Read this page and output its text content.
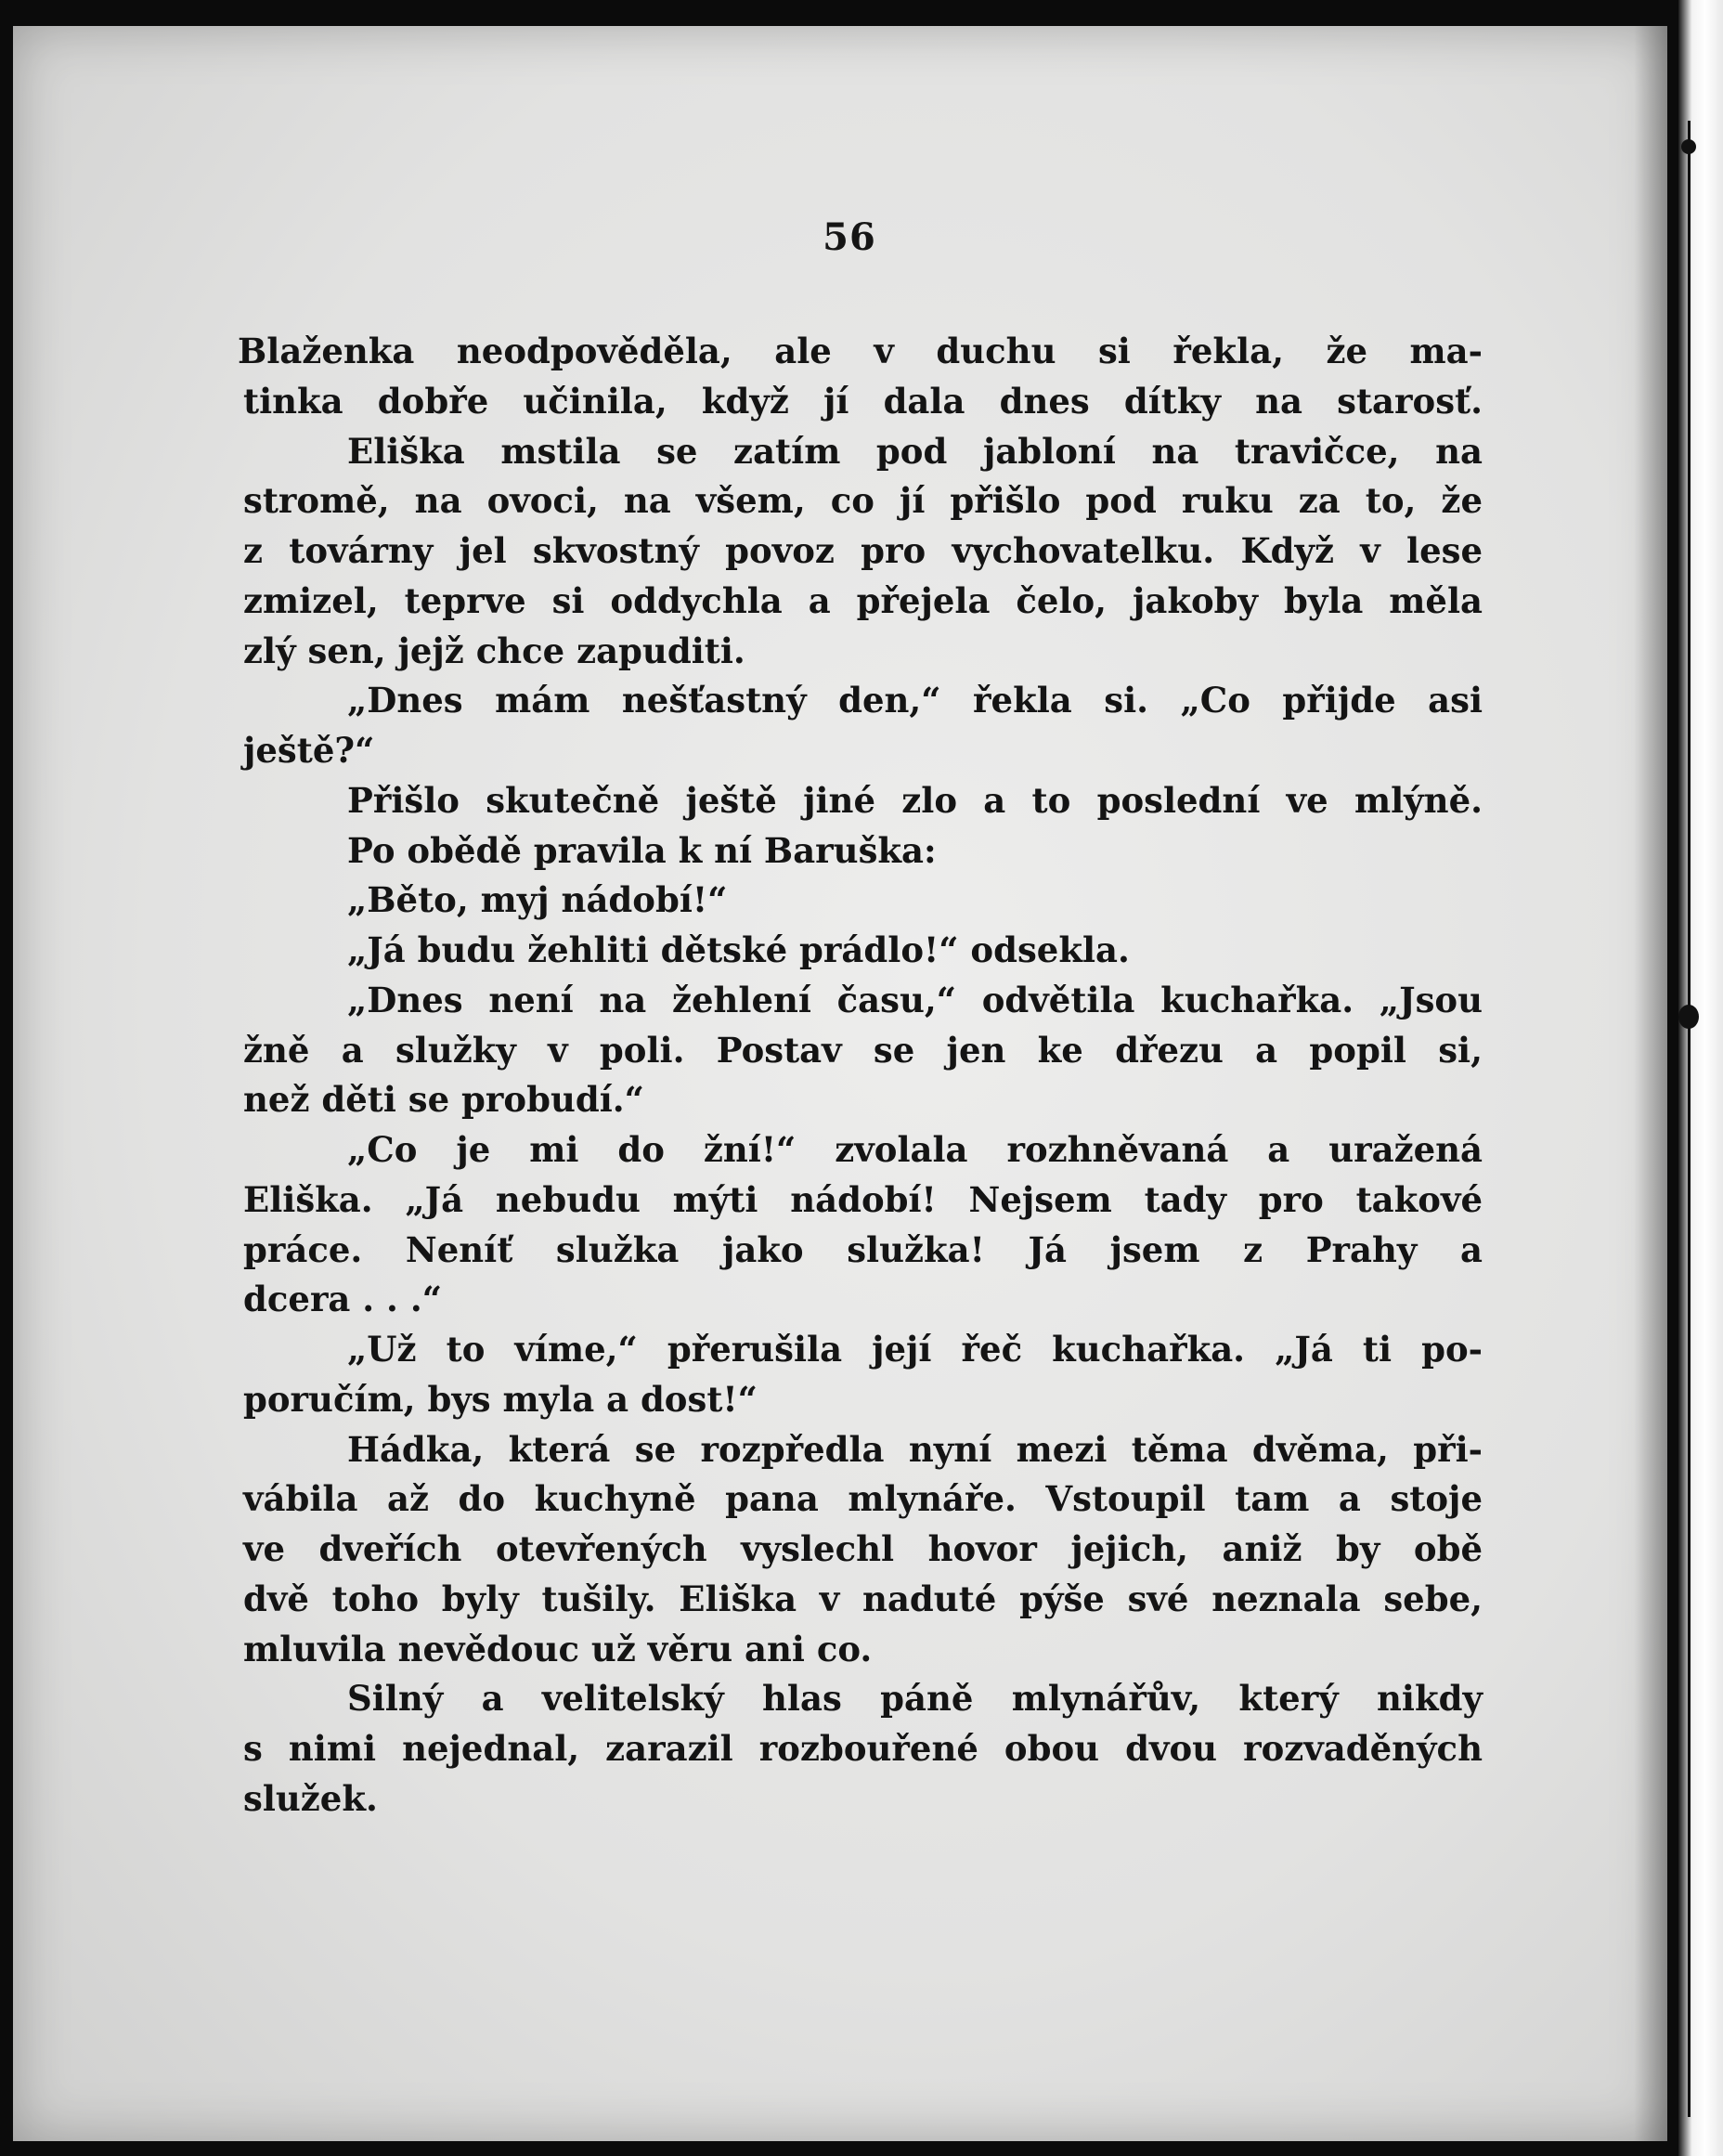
56
Blaženka neodpověděla, ale v duchu si řekla, že ma-
tinka dobře učinila, když jí dala dnes dítky na starosť.
Eliška mstila se zatím pod jabloní na travičce, na
stromě, na ovoci, na všem, co jí přišlo pod ruku za to, že
z továrny jel skvostný povoz pro vychovatelku. Když v lese
zmizel, teprve si oddychla a přejela čelo, jakoby byla měla
zlý sen, jejž chce zapuditi.
„Dnes mám nešťastný den,“ řekla si. „Co přijde asi
ještě?“
Přišlo skutečně ještě jiné zlo a to poslední ve mlýně.
Po obědě pravila k ní Baruška:
„Běto, myj nádobí!“
„Já budu žehliti dětské prádlo!“ odsekla.
„Dnes není na žehlení času,“ odvětila kuchařka. „Jsou
žně a služky v poli. Postav se jen ke dřezu a popil si,
než děti se probudí.“
„Co je mi do žní!“ zvolala rozhněvaná a uražená
Eliška. „Já nebudu mýti nádobí! Nejsem tady pro takové
práce. Neníť služka jako služka! Já jsem z Prahy a
dcera . . .“
„Už to víme,“ přerušila její řeč kuchařka. „Já ti po-
poručím, bys myla a dost!“
Hádka, která se rozpředla nyní mezi těma dvěma, při-
vábila až do kuchyně pana mlynáře. Vstoupil tam a stoje
ve dveřích otevřených vyslechl hovor jejich, aniž by obě
dvě toho byly tušily. Eliška v naduté pýše své neznala sebe,
mluvila nevědouc už věru ani co.
Silný a velitelský hlas páně mlynářův, který nikdy
s nimi nejednal, zarazil rozbouřené obou dvou rozvaděných
služek.
